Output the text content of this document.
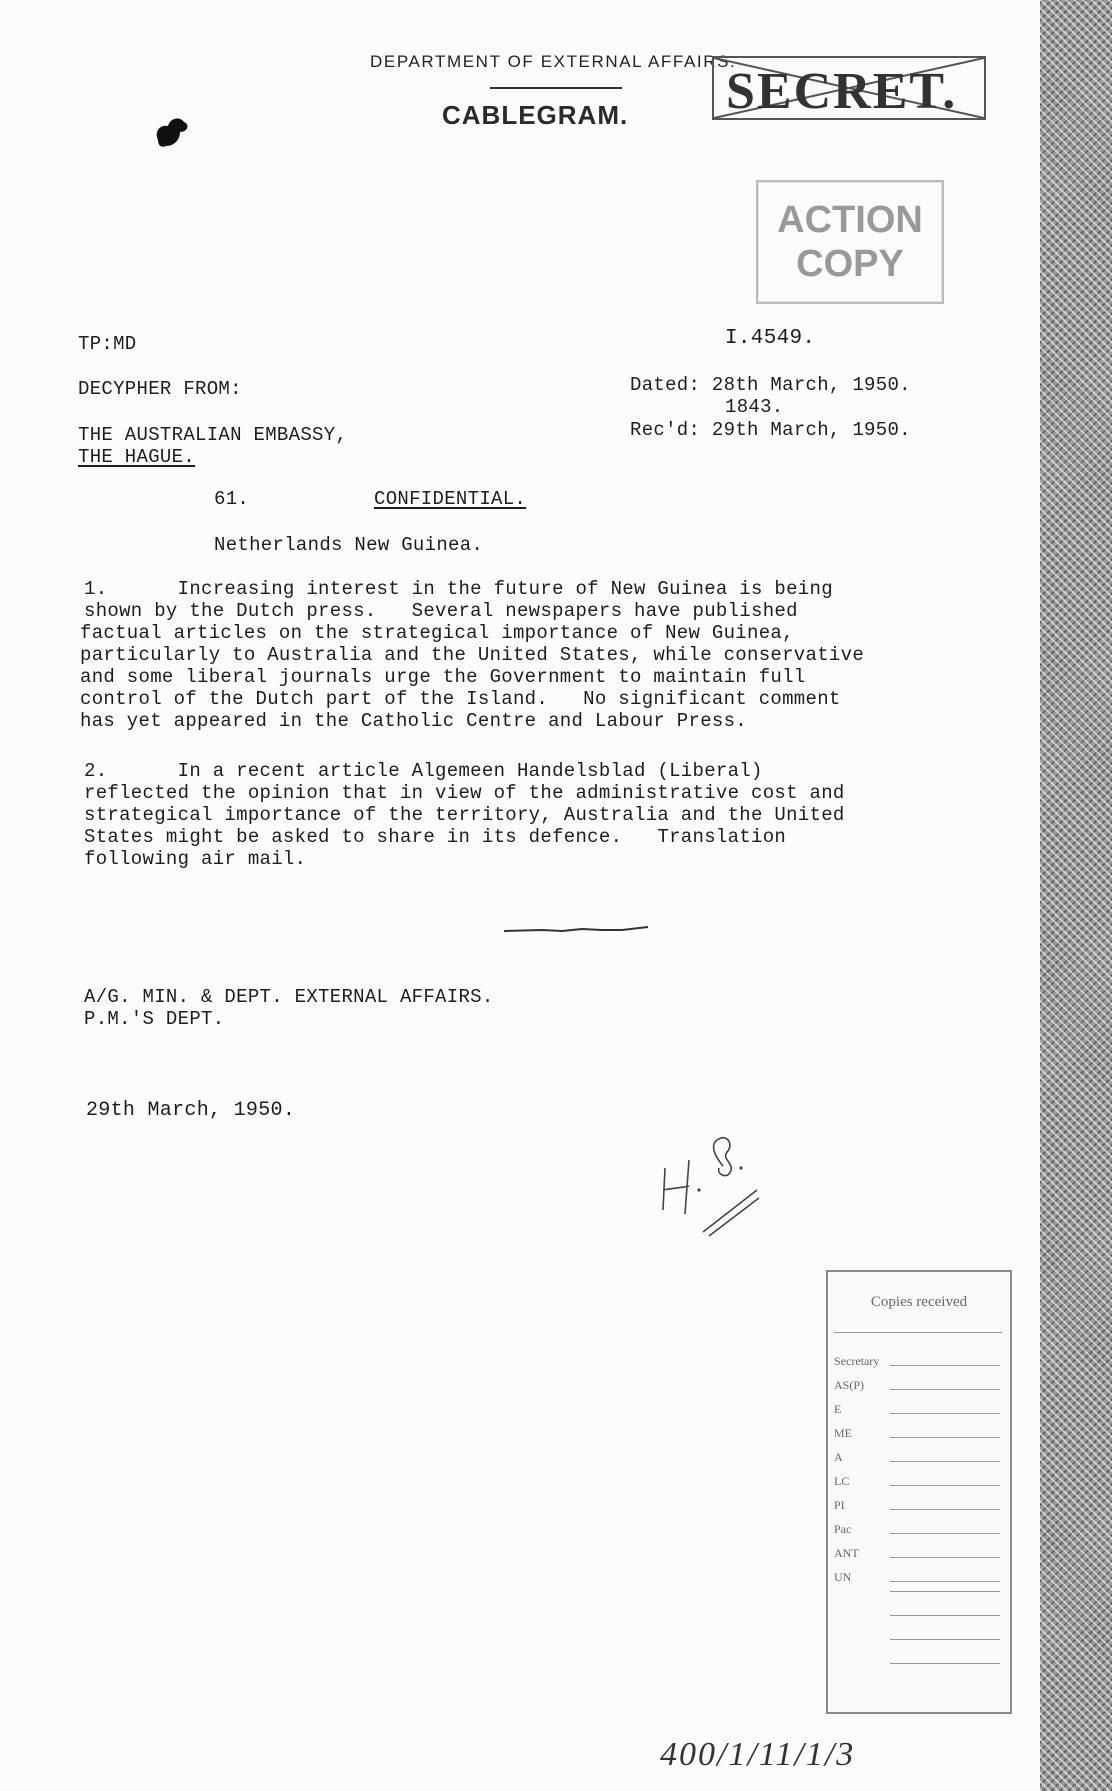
DEPARTMENT OF EXTERNAL AFFAIRS.
CABLEGRAM. SECRET.
ACTION
COPY
TP:MD	I.4549.
DECYPHER FROM:	Dated: 28th March, 1950.
1843.
THE AUSTRALIAN EMBASSY,	Rec'd: 29th March, 1950.
THE HAGUE.
61.	CONFIDENTIAL.
Netherlands New Guinea.
1.      Increasing interest in the future of New Guinea is being
shown by the Dutch press.   Several newspapers have published
factual articles on the strategical importance of New Guinea,
particularly to Australia and the United States, while conservative
and some liberal journals urge the Government to maintain full
control of the Dutch part of the Island.   No significant comment
has yet appeared in the Catholic Centre and Labour Press.
2.      In a recent article Algemeen Handelsblad (Liberal)
reflected the opinion that in view of the administrative cost and
strategical importance of the territory, Australia and the United
States might be asked to share in its defence.   Translation
following air mail.
A/G. MIN. & DEPT. EXTERNAL AFFAIRS.
P.M.'S DEPT.
29th March, 1950.
Copies received
Secretary
AS(P)
E
ME
A
LC
PI
Pac
ANT
UN
400/1/11/1/3
